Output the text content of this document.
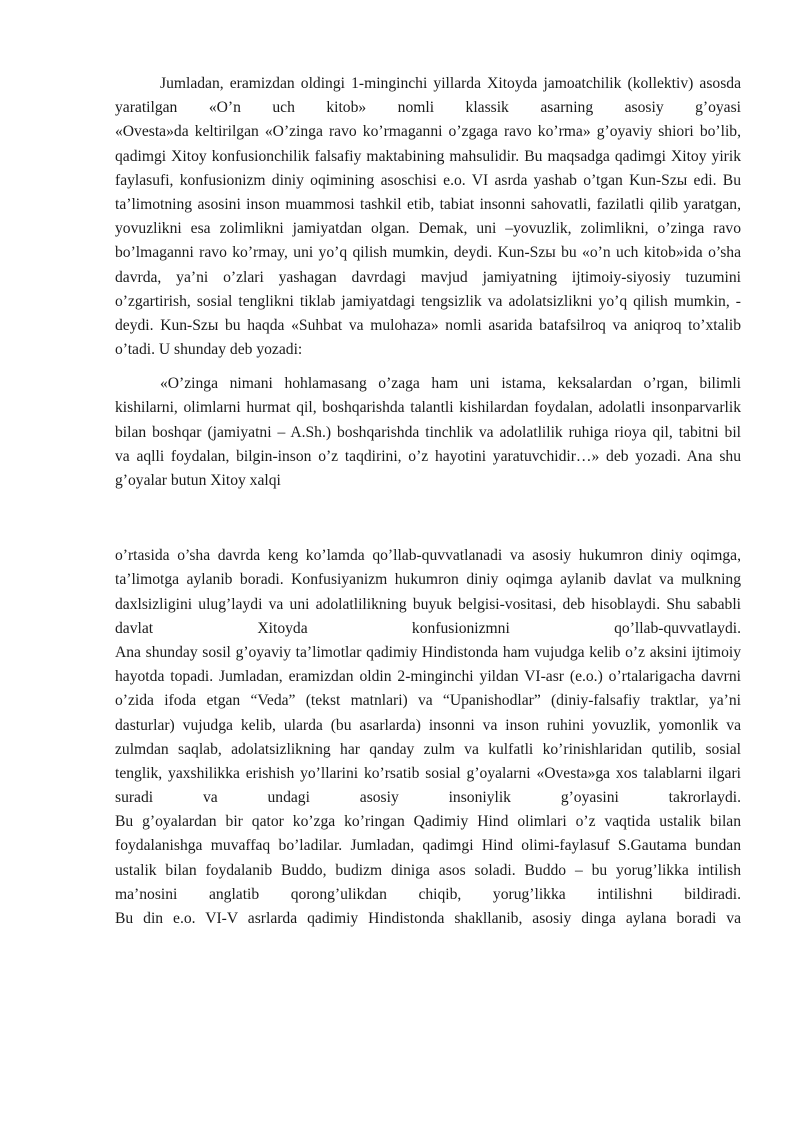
Jumladan, eramizdan oldingi 1-minginchi yillarda Xitoyda jamoatchilik (kollektiv) asosda
yaratilgan «O’n uch kitob» nomli klassik asarning asosiy g’oyasi
«Ovesta»da keltirilgan «O’zinga ravo ko’rmaganni o’zgaga ravo ko’rma» g’oyaviy shiori bo’lib,
qadimgi Xitoy konfusionchilik falsafiy maktabining mahsulidir. Bu maqsadga qadimgi Xitoy yirik
faylasufi, konfusionizm diniy oqimining asoschisi e.o. VI asrda yashab o’tgan Kun-Szы edi. Bu
ta’limotning asosini inson muammosi tashkil etib, tabiat insonni sahovatli, fazilatli qilib yaratgan,
yovuzlikni esa zolimlikni jamiyatdan olgan. Demak, uni –yovuzlik, zolimlikni, o’zinga ravo
bo’lmaganni ravo ko’rmay, uni yo’q qilish mumkin, deydi. Kun-Szы bu «o’n uch kitob»ida o’sha
davrda, ya’ni o’zlari yashagan davrdagi mavjud jamiyatning ijtimoiy-siyosiy tuzumini
o’zgartirish, sosial tenglikni tiklab jamiyatdagi tengsizlik va adolatsizlikni yo’q qilish mumkin, -
deydi. Kun-Szы bu haqda «Suhbat va mulohaza» nomli asarida batafsilroq va aniqroq to’xtalib
o’tadi. U shunday deb yozadi:
«O’zinga nimani hohlamasang o’zaga ham uni istama, keksalardan o’rgan, bilimli
kishilarni, olimlarni hurmat qil, boshqarishda talantli kishilardan foydalan, adolatli insonparvarlik
bilan boshqar (jamiyatni – A.Sh.) boshqarishda tinchlik va adolatlilik ruhiga rioya qil, tabitni bil
va aqlli foydalan, bilgin-inson o’z taqdirini, o’z hayotini yaratuvchidir…» deb yozadi. Ana shu
g’oyalar butun Xitoy xalqi
o’rtasida o’sha davrda keng ko’lamda qo’llab-quvvatlanadi va asosiy hukumron diniy oqimga,
ta’limotga aylanib boradi. Konfusiyanizm hukumron diniy oqimga aylanib davlat va mulkning
daxlsizligini ulug’laydi va uni adolatlilikning buyuk belgisi-vositasi, deb hisoblaydi. Shu sababli
davlat Xitoyda konfusionizmni qo’llab-quvvatlaydi.
Ana shunday sosil g’oyaviy ta’limotlar qadimiy Hindistonda ham vujudga kelib o’z aksini ijtimoiy
hayotda topadi. Jumladan, eramizdan oldin 2-minginchi yildan VI-asr (e.o.) o’rtalarigacha davrni
o’zida ifoda etgan “Veda” (tekst matnlari) va “Upanishodlar” (diniy-falsafiy traktlar, ya’ni
dasturlar) vujudga kelib, ularda (bu asarlarda) insonni va inson ruhini yovuzlik, yomonlik va
zulmdan saqlab, adolatsizlikning har qanday zulm va kulfatli ko’rinishlaridan qutilib, sosial
tenglik, yaxshilikka erishish yo’llarini ko’rsatib sosial g’oyalarni «Ovesta»ga xos talablarni ilgari
suradi va undagi asosiy insoniylik g’oyasini takrorlaydi.
Bu g’oyalardan bir qator ko’zga ko’ringan Qadimiy Hind olimlari o’z vaqtida ustalik bilan
foydalanishga muvaffaq bo’ladilar. Jumladan, qadimgi Hind olimi-faylasuf S.Gautama bundan
ustalik bilan foydalanib Buddo, budizm diniga asos soladi. Buddo – bu yorug’likka intilish
ma’nosini anglatib qorong’ulikdan chiqib, yorug’likka intilishni bildiradi.
Bu din e.o. VI-V asrlarda qadimiy Hindistonda shakllanib, asosiy dinga aylana boradi va
